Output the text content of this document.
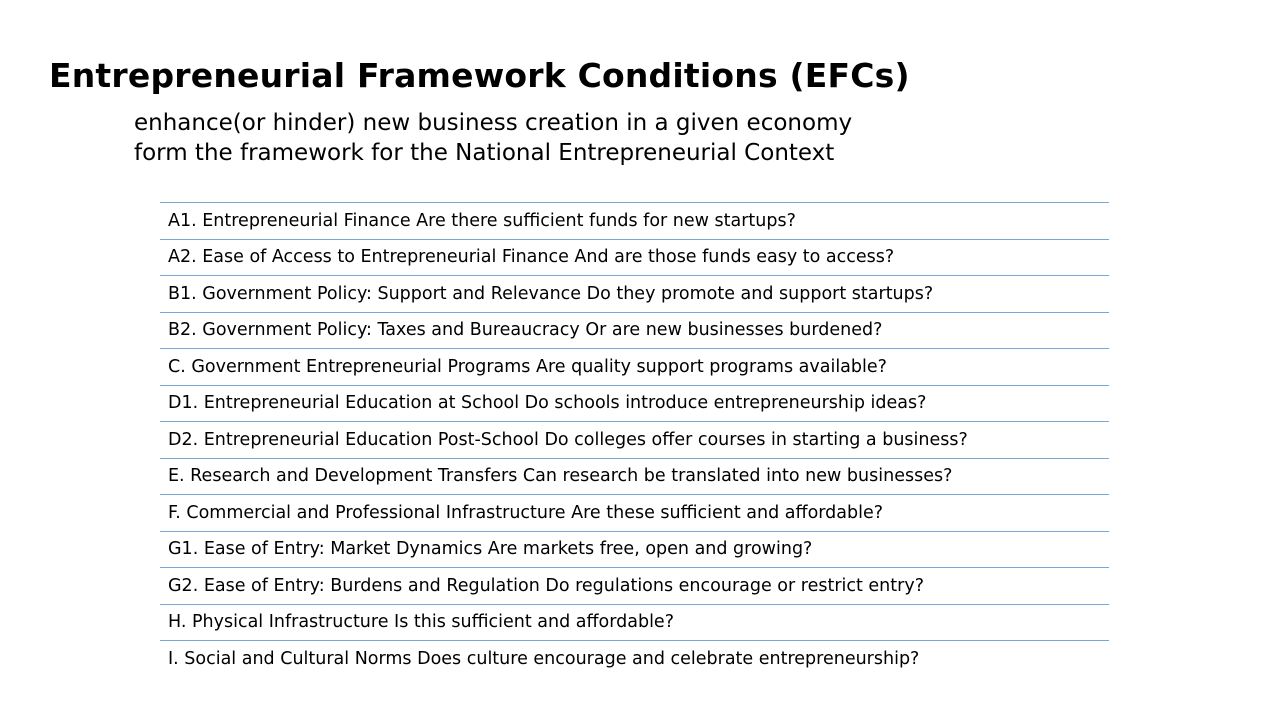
Entrepreneurial Framework Conditions (EFCs)
enhance(or hinder) new business creation in a given economy
form the framework for the National Entrepreneurial Context
A1. Entrepreneurial Finance Are there sufficient funds for new startups?
A2. Ease of Access to Entrepreneurial Finance And are those funds easy to access?
B1. Government Policy: Support and Relevance Do they promote and support startups?
B2. Government Policy: Taxes and Bureaucracy Or are new businesses burdened?
C. Government Entrepreneurial Programs Are quality support programs available?
D1. Entrepreneurial Education at School Do schools introduce entrepreneurship ideas?
D2. Entrepreneurial Education Post-School Do colleges offer courses in starting a business?
E. Research and Development Transfers Can research be translated into new businesses?
F. Commercial and Professional Infrastructure Are these sufficient and affordable?
G1. Ease of Entry: Market Dynamics Are markets free, open and growing?
G2. Ease of Entry: Burdens and Regulation Do regulations encourage or restrict entry?
H. Physical Infrastructure Is this sufficient and affordable?
I. Social and Cultural Norms Does culture encourage and celebrate entrepreneurship?
